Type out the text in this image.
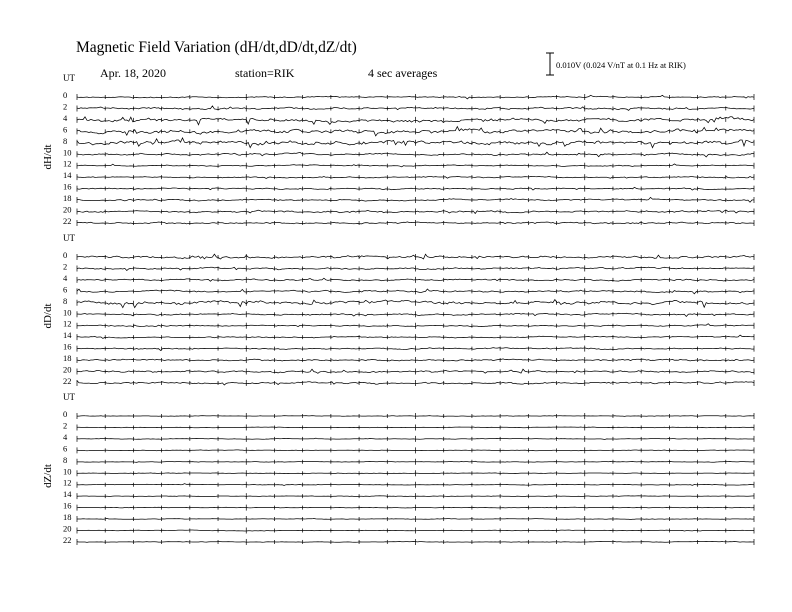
Magnetic Field Variation (dH/dt,dD/dt,dZ/dt)
Apr. 18, 2020	station=RIK	4 sec averages
0.010V (0.024 V/nT at 0.1 Hz at RIK)
UT
dH/dt
0
2
4
6
8
10
12
14
16
18
20
22
UT
dD/dt
0
2
4
6
8
10
12
14
16
18
20
22
UT
dZ/dt
0
2
4
6
8
10
12
14
16
18
20
22
